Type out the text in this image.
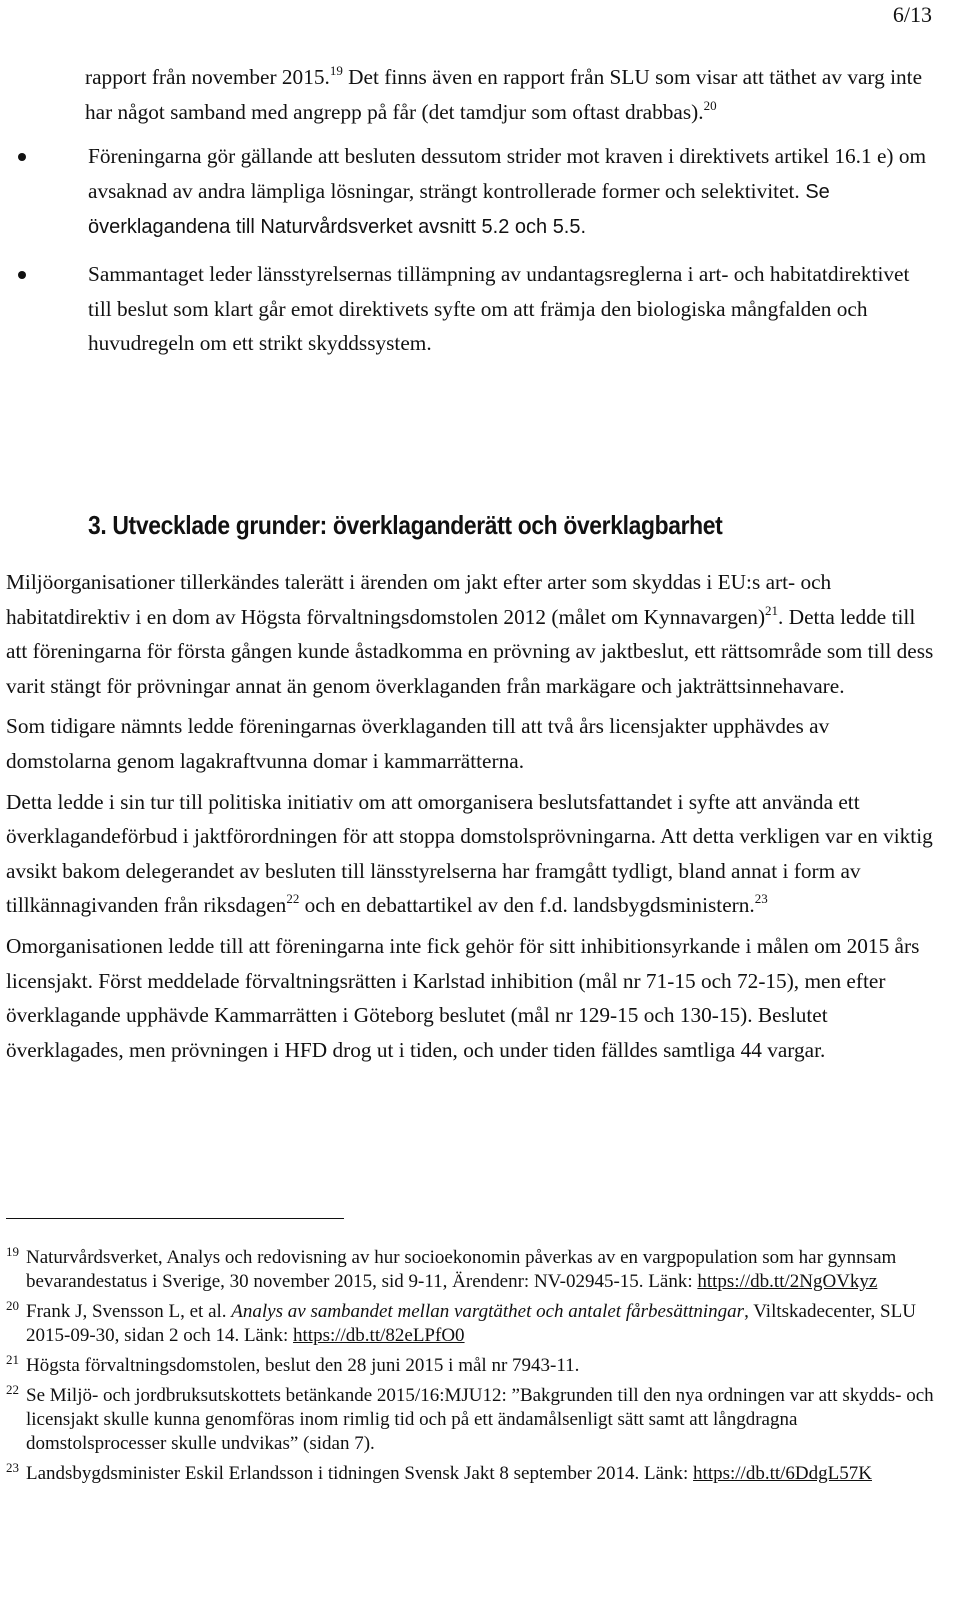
6/13

rapport från november 2015.19 Det finns även en rapport från SLU som visar att täthet av varg inte har något samband med angrepp på får (det tamdjur som oftast drabbas).$^{20}$

Föreningarna gör gällande att besluten dessutom strider mot kraven i direktivets artikel 16.1 e) om avsaknad av andra lämpliga lösningar, strängt kontrollerade former och selektivitet. Se överklagandena till Naturvårdsverket avsnitt 5.2 och 5.5.

Sammantaget leder länsstyrelsernas tillämpning av undantagsreglerna i art- och habitatdirektivet till beslut som klart går emot direktivets syfte om att främja den biologiska mångfalden och huvudregeln om ett strikt skyddssystem.

3. Utvecklade grunder: överklaganderätt och överklagbarhet

Miljöorganisationer tillerkändes talerätt i ärenden om jakt efter arter som skyddas i EU:s art- och habitatdirektiv i en dom av Högsta förvaltningsdomstolen 2012 (målet om Kynnavargen)$^{21}$. Detta ledde till att föreningarna för första gången kunde åstadkomma en prövning av jaktbeslut, ett rättsområde som till dess varit stängt för prövningar annat än genom överklaganden från markägare och jakträttsinnehavare.

Som tidigare nämnts ledde föreningarnas överklaganden till att två års licensjakter upphävdes av domstolarna genom lagakraftvunna domar i kammarrätterna.

Detta ledde i sin tur till politiska initiativ om att omorganisera beslutsfattandet i syfte att använda ett överklagandeförbud i jaktförordningen för att stoppa domstolsprövningarna. Att detta verkligen var en viktig avsikt bakom delegerandet av besluten till länsstyrelserna har framgått tydligt, bland annat i form av tillkännagivanden från riksdagen$^{22}$ och en debattartikel av den f.d. landsbygdsministern.$^{23}$

Omorganisationen ledde till att föreningarna inte fick gehör för sitt inhibitionsyrkande i målen om 2015 års licensjakt. Först meddelade förvaltningsrätten i Karlstad inhibition (mål nr 71-15 och 72-15), men efter överklagande upphävde Kammarrätten i Göteborg beslutet (mål nr 129-15 och 130-15). Beslutet överklagades, men prövningen i HFD drog ut i tiden, och under tiden fälldes samtliga 44 vargar.

19 Naturvårdsverket, Analys och redovisning av hur socioekonomin påverkas av en vargpopulation som har gynnsam bevarandestatus i Sverige, 30 november 2015, sid 9-11, Ärendenr: NV-02945-15. Länk: https://db.tt/2NgOVkyz

20 Frank J, Svensson L, et al. Analys av sambandet mellan vargtäthet och antalet fårbesättningar, Viltskadecenter, SLU 2015-09-30, sidan 2 och 14. Länk: https://db.tt/82eLPfO0

21 Högsta förvaltningsdomstolen, beslut den 28 juni 2015 i mål nr 7943-11.

22 Se Miljö- och jordbruksutskottets betänkande 2015/16:MJU12: ”Bakgrunden till den nya ordningen var att skydds- och licensjakt skulle kunna genomföras inom rimlig tid och på ett ändamålsenligt sätt samt att långdragna domstolsprocesser skulle undvikas” (sidan 7).

23 Landsbygdsminister Eskil Erlandsson i tidningen Svensk Jakt 8 september 2014. Länk: https://db.tt/6DdgL57K
